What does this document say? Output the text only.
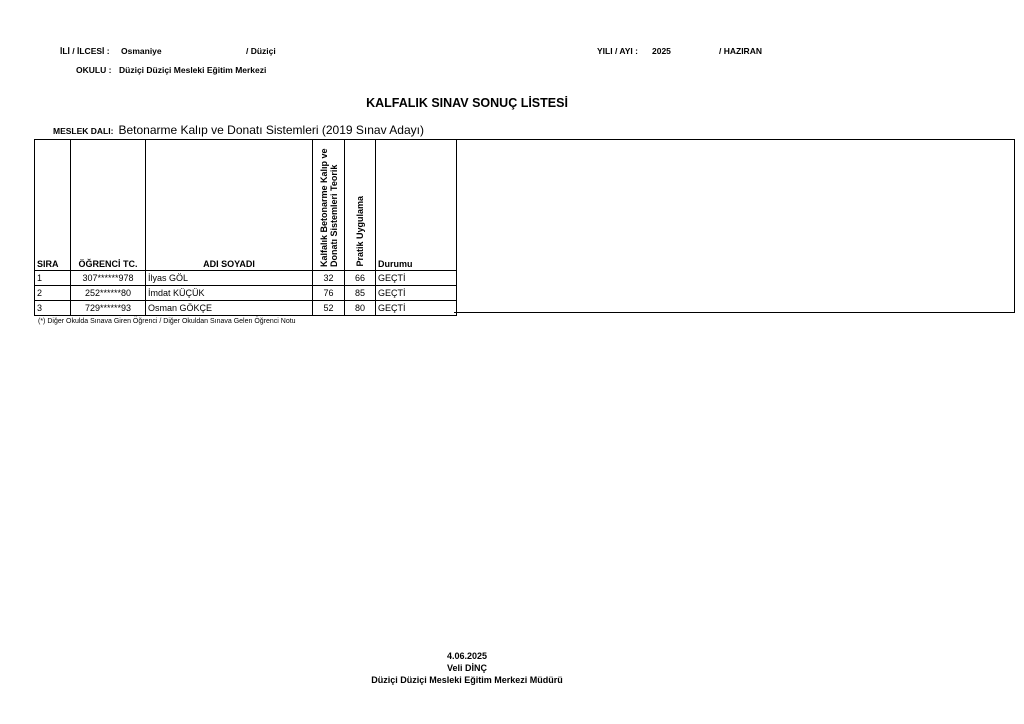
İLİ / İLCESİ : Osmaniye	/ Düziçi	YILI / AYI : 2025	/ HAZIRAN
OKULU : Düziçi Düziçi Mesleki Eğitim Merkezi
KALFALIK SINAV SONUÇ LİSTESİ
MESLEK DALI: Betonarme Kalıp ve Donatı Sistemleri (2019 Sınav Adayı)
SIRA	ÖĞRENCİ TC.	ADI SOYADI	Kalfalık Betonarme Kalıp ve Donatı Sistemleri Teorik	Pratik Uygulama	Durumu
1	307******978	İlyas GÖL	32	66	GEÇTİ
2	252******80	İmdat KÜÇÜK	76	85	GEÇTİ
3	729******93	Osman GÖKÇE	52	80	GEÇTİ
(*) Diğer Okulda Sınava Giren Öğrenci / Diğer Okuldan Sınava Gelen Öğrenci Notu
4.06.2025
Veli DİNÇ
Düziçi Düziçi Mesleki Eğitim Merkezi Müdürü
